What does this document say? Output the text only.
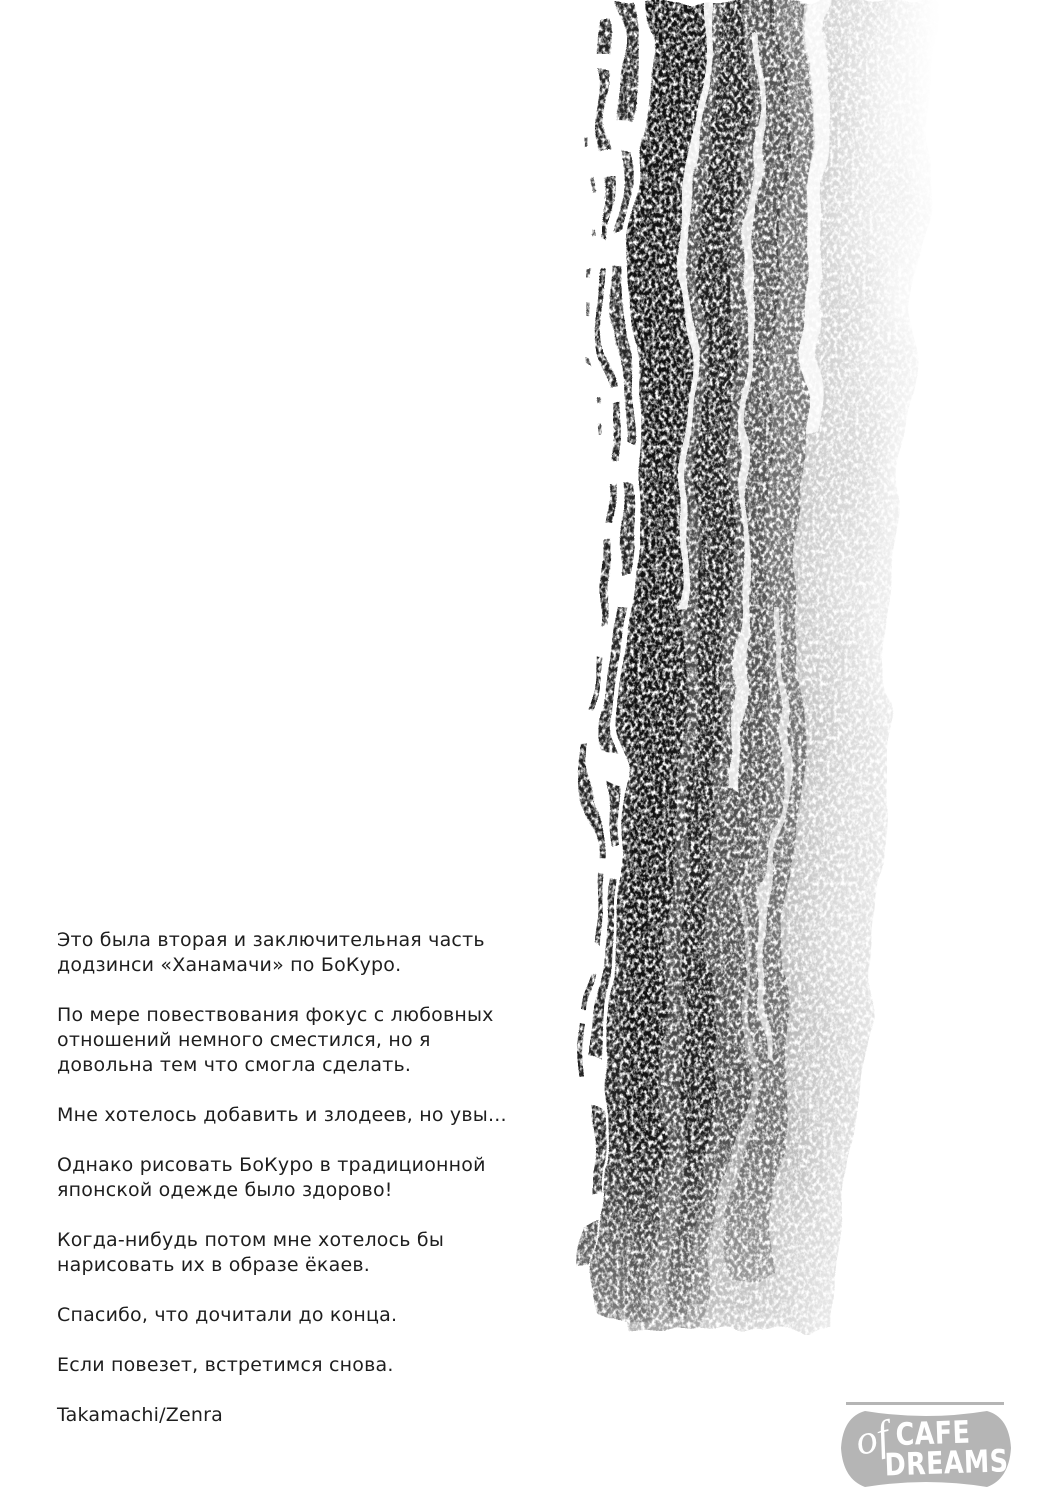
Это была вторая и заключительная часть додзинси «Ханамачи» по БоКуро.

По мере повествования фокус с любовных отношений немного сместился, но я довольна тем что смогла сделать.

Мне хотелось добавить и злодеев, но увы...

Однако рисовать БоКуро в традиционной японской одежде было здорово!

Когда-нибудь потом мне хотелось бы нарисовать их в образе ёкаев.

Спасибо, что дочитали до конца.

Если повезет, встретимся снова.

Takamachi/Zenra	CAFE
DREAMS
of
